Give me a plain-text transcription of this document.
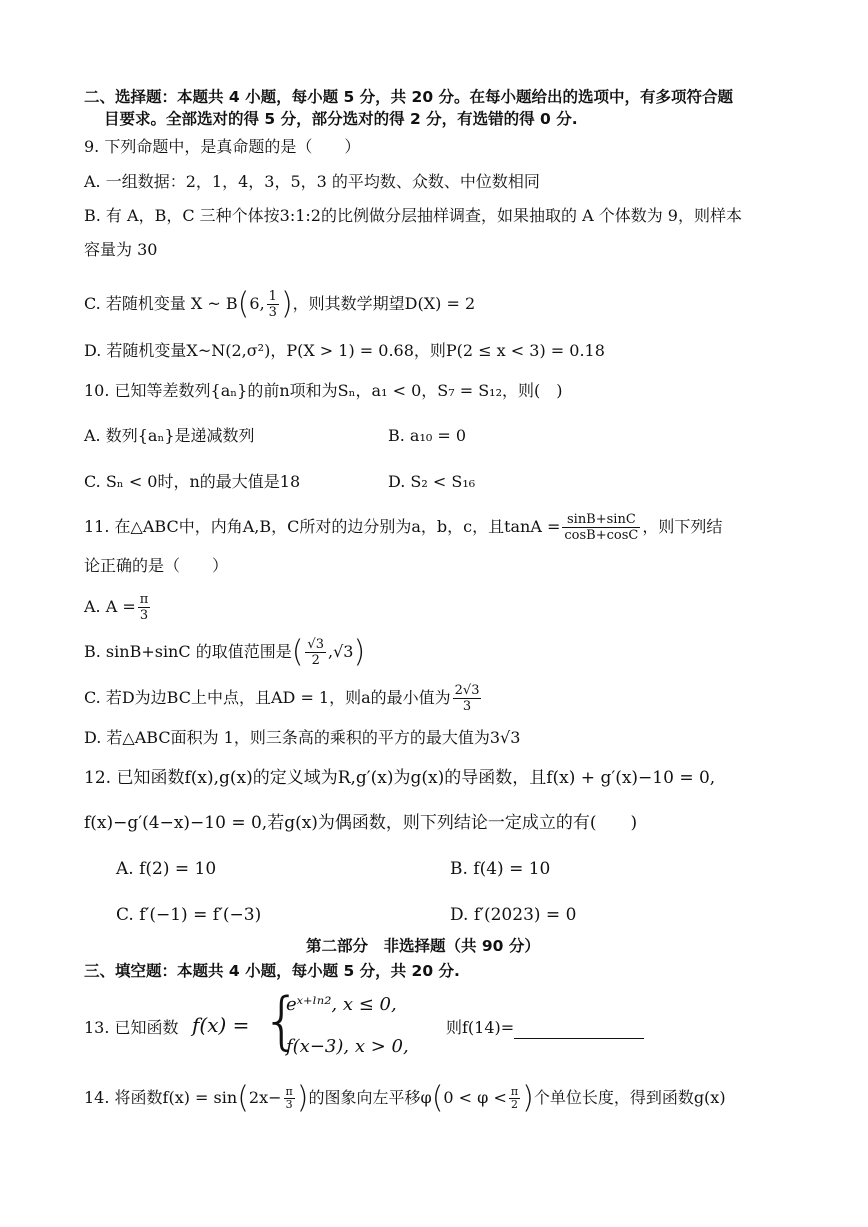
二、选择题：本题共 4 小题，每小题 5 分，共 20 分。在每小题给出的选项中，有多项符合题
目要求。全部选对的得 5 分，部分选对的得 2 分，有选错的得 0 分.
9. 下列命题中，是真命题的是（　　）
A. 一组数据：2，1，4，3，5，3 的平均数、众数、中位数相同
B. 有 A，B，C 三种个体按3:1:2的比例做分层抽样调查，如果抽取的 A 个体数为 9，则样本
容量为 30
C. 若随机变量 X ~ B(6, $\frac{1}{3}$ )，则其数学期望D(X) = 2
D. 若随机变量X~N(2,σ²)，P(X > 1) = 0.68，则P(2 ≤ x < 3) = 0.18
10. 已知等差数列{aₙ}的前n项和为Sₙ，a₁ < 0，S₇ = S₁₂，则(　)
A. 数列{aₙ}是递减数列	B. a₁₀ = 0
C. Sₙ < 0时，n的最大值是18	D. S₂ < S₁₆
11. 在△ABC中，内角A,B，C所对的边分别为a，b，c，且$\tan A = \frac{\sin B+\sin C}{\cos B+\cos C}$ ，则下列结
论正确的是（　　）
A. $A = \frac{\pi}{3}$
B. sinB+sinC 的取值范围是( $\frac{√3}{2} ,√3$)
C. 若D为边BC上中点，且AD = 1，则a的最小值为 $\frac{2√3}{3}$
D. 若△ABC面积为 1，则三条高的乘积的平方的最大值为3√3
12. 已知函数f(x),g(x)的定义域为R,g′(x)为g(x)的导函数，且f(x) + g′(x)−10 = 0,
f(x)−g′(4−x)−10 = 0,若g(x)为偶函数，则下列结论一定成立的有(　　)
A. f(2) = 10	B. f(4) = 10
C. f′(−1) = f′(−3)	D. f′(2023) = 0
第二部分　非选择题（共 90 分）
三、填空题：本题共 4 小题，每小题 5 分，共 20 分.
13. 已知函数 f(x) = {
eˣ⁺ˡⁿ², x ≤ 0,
f(x−3), x > 0,
则f(14)=
14. 将函数$f(x) = \sin(2x- \frac{\pi}{3}$ )的图象向左平移$\varphi(0 < \varphi < \frac{\pi}{2}$ )个单位长度，得到函数g(x)
